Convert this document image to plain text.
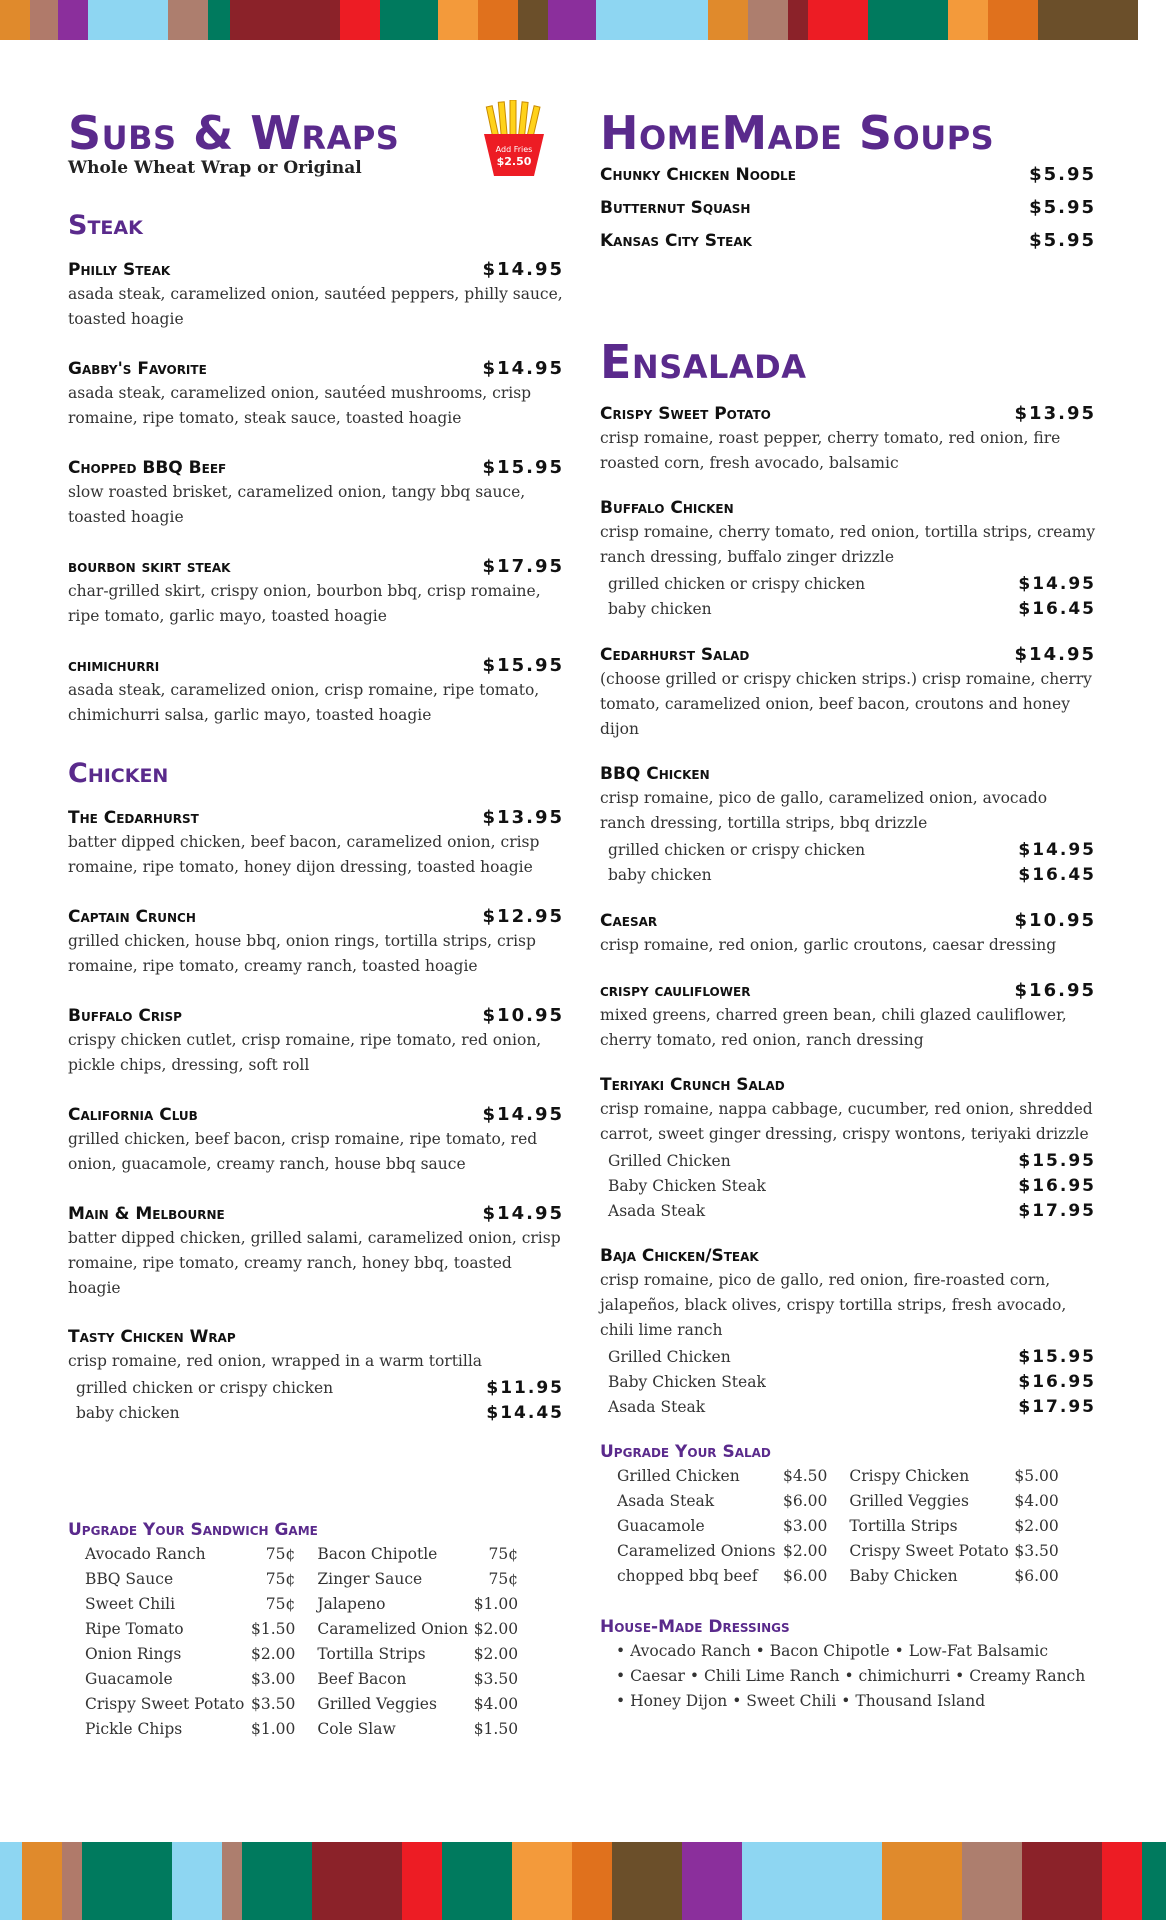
Add Fries
$2.50
Subs & Wraps

Whole Wheat Wrap or Original

Steak
Philly Steak	$14.95

asada steak, caramelized onion, sautéed peppers, philly sauce, toasted hoagie

Gabby's Favorite	$14.95

asada steak, caramelized onion, sautéed mushrooms, crisp romaine, ripe tomato, steak sauce, toasted hoagie

Chopped BBQ Beef	$15.95

slow roasted brisket, caramelized onion, tangy bbq sauce, toasted hoagie

bourbon skirt steak	$17.95

char-grilled skirt, crispy onion, bourbon bbq, crisp romaine, ripe tomato, garlic mayo, toasted hoagie

chimichurri	$15.95

asada steak, caramelized onion, crisp romaine, ripe tomato, chimichurri salsa, garlic mayo, toasted hoagie

Chicken
The Cedarhurst	$13.95

batter dipped chicken, beef bacon, caramelized onion, crisp romaine, ripe tomato, honey dijon dressing, toasted hoagie

Captain Crunch	$12.95

grilled chicken, house bbq, onion rings, tortilla strips, crisp romaine, ripe tomato, creamy ranch, toasted hoagie

Buffalo Crisp	$10.95

crispy chicken cutlet, crisp romaine, ripe tomato, red onion, pickle chips, dressing, soft roll

California Club	$14.95

grilled chicken, beef bacon, crisp romaine, ripe tomato, red onion, guacamole, creamy ranch, house bbq sauce

Main & Melbourne	$14.95

batter dipped chicken, grilled salami, caramelized onion, crisp romaine, ripe tomato, creamy ranch, honey bbq, toasted hoagie

Tasty Chicken Wrap

crisp romaine, red onion, wrapped in a warm tortilla

grilled chicken or crispy chicken	$11.95
baby chicken	$14.45
Upgrade Your Sandwich Game
Avocado Ranch	75¢	Bacon Chipotle	75¢
BBQ Sauce	75¢	Zinger Sauce	75¢
Sweet Chili	75¢	Jalapeno	$1.00
Ripe Tomato	$1.50	Caramelized Onion	$2.00
Onion Rings	$2.00	Tortilla Strips	$2.00
Guacamole	$3.00	Beef Bacon	$3.50
Crispy Sweet Potato	$3.50	Grilled Veggies	$4.00
Pickle Chips	$1.00	Cole Slaw	$1.50
HomeMade Soups
Chunky Chicken Noodle	$5.95
Butternut Squash	$5.95
Kansas City Steak	$5.95
Ensalada
Crispy Sweet Potato	$13.95

crisp romaine, roast pepper, cherry tomato, red onion, fire roasted corn, fresh avocado, balsamic

Buffalo Chicken

crisp romaine, cherry tomato, red onion, tortilla strips, creamy ranch dressing, buffalo zinger drizzle

grilled chicken or crispy chicken	$14.95
baby chicken	$16.45
Cedarhurst Salad	$14.95

(choose grilled or crispy chicken strips.) crisp romaine, cherry tomato, caramelized onion, beef bacon, croutons and honey dijon

BBQ Chicken

crisp romaine, pico de gallo, caramelized onion, avocado ranch dressing, tortilla strips, bbq drizzle

grilled chicken or crispy chicken	$14.95
baby chicken	$16.45
Caesar	$10.95

crisp romaine, red onion, garlic croutons, caesar dressing

crispy cauliflower	$16.95

mixed greens, charred green bean, chili glazed cauliflower, cherry tomato, red onion, ranch dressing

Teriyaki Crunch Salad

crisp romaine, nappa cabbage, cucumber, red onion, shredded carrot, sweet ginger dressing, crispy wontons, teriyaki drizzle

Grilled Chicken	$15.95
Baby Chicken Steak	$16.95
Asada Steak	$17.95
Baja Chicken/Steak

crisp romaine, pico de gallo, red onion, fire-roasted corn, jalapeños, black olives, crispy tortilla strips, fresh avocado, chili lime ranch

Grilled Chicken	$15.95
Baby Chicken Steak	$16.95
Asada Steak	$17.95
Upgrade Your Salad
Grilled Chicken	$4.50	Crispy Chicken	$5.00
Asada Steak	$6.00	Grilled Veggies	$4.00
Guacamole	$3.00	Tortilla Strips	$2.00
Caramelized Onions	$2.00	Crispy Sweet Potato	$3.50
chopped bbq beef	$6.00	Baby Chicken	$6.00
House-Made Dressings
• Avocado Ranch • Bacon Chipotle • Low-Fat Balsamic
• Caesar • Chili Lime Ranch • chimichurri • Creamy Ranch
• Honey Dijon • Sweet Chili • Thousand Island
